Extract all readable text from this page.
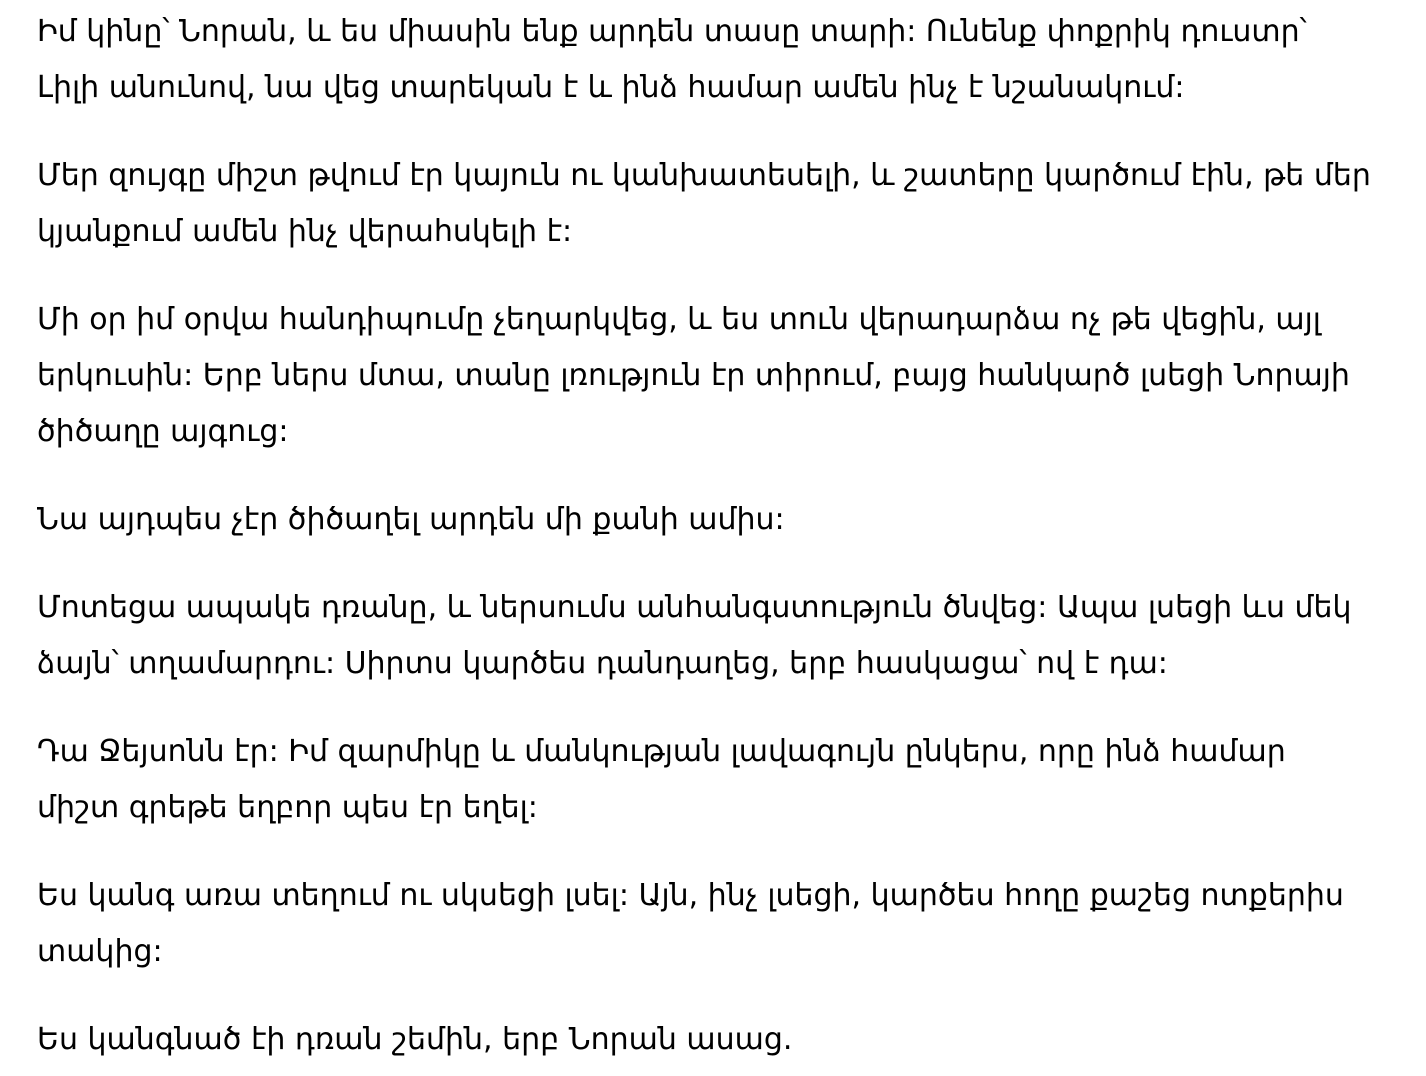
Իմ կինը՝ Նորան, և ես միասին ենք արդեն տասը տարի: Ունենք փոքրիկ դուստր՝ Լիլի անունով, նա վեց տարեկան է և ինձ համար ամեն ինչ է նշանակում:

Մեր զույգը միշտ թվում էր կայուն ու կանխատեսելի, և շատերը կարծում էին, թե մեր կյանքում ամեն ինչ վերահսկելի է:

Մի օր իմ օրվա հանդիպումը չեղարկվեց, և ես տուն վերադարձա ոչ թե վեցին, այլ երկուսին: Երբ ներս մտա, տանը լռություն էր տիրում, բայց հանկարծ լսեցի Նորայի ծիծաղը այգուց:

Նա այդպես չէր ծիծաղել արդեն մի քանի ամիս:

Մոտեցա ապակե դռանը, և ներսումս անհանգստություն ծնվեց: Ապա լսեցի ևս մեկ ձայն՝ տղամարդու: Սիրտս կարծես դանդաղեց, երբ հասկացա՝ ով է դա:

Դա Ջեյսոնն էր: Իմ զարմիկը և մանկության լավագույն ընկերս, որը ինձ համար միշտ գրեթե եղբոր պես էր եղել:

Ես կանգ առա տեղում ու սկսեցի լսել: Այն, ինչ լսեցի, կարծես հողը քաշեց ոտքերիս տակից:

Ես կանգնած էի դռան շեմին, երբ Նորան ասաց.
